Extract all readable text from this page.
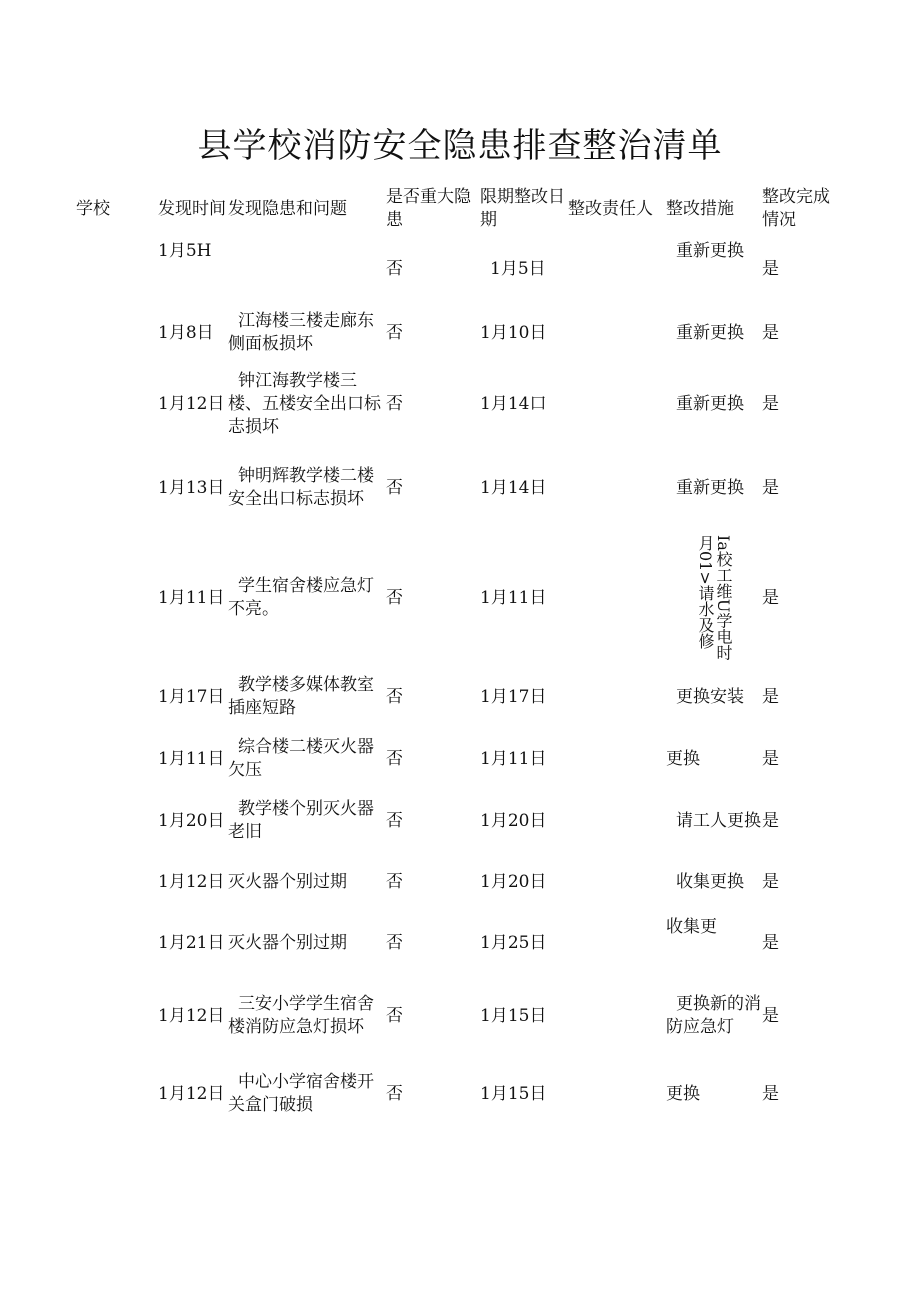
县学校消防安全隐患排查整治清单
学校	发现时间	发现隐患和问题	是否重大隐患	限期整改日期	整改责任人	整改措施	整改完成情况
	1月5H		否	1月5日		重新更换	是
	1月8日	江海楼三楼走廊东侧面板损坏	否	1月10日		重新更换	是
	1月12日	钟江海教学楼三楼、五楼安全出口标志损坏	否	1月14口		重新更换	是
	1月13日	钟明辉教学楼二楼安全出口标志损坏	否	1月14日		重新更换	是
	1月11日	学生宿舍楼应急灯不亮。	否	1月11日		Ia校工维U学电时月01>请水及修	是
	1月17日	教学楼多媒体教室插座短路	否	1月17日		更换安装	是
	1月11日	综合楼二楼灭火器欠压	否	1月11日		更换	是
	1月20日	教学楼个别灭火器老旧	否	1月20日		请工人更换	是
	1月12日	灭火器个别过期	否	1月20日		收集更换	是
	1月21日	灭火器个别过期	否	1月25日		收集更	是
	1月12日	三安小学学生宿舍楼消防应急灯损坏	否	1月15日		更换新的消防应急灯	是
	1月12日	中心小学宿舍楼开关盒门破损	否	1月15日		更换	是
